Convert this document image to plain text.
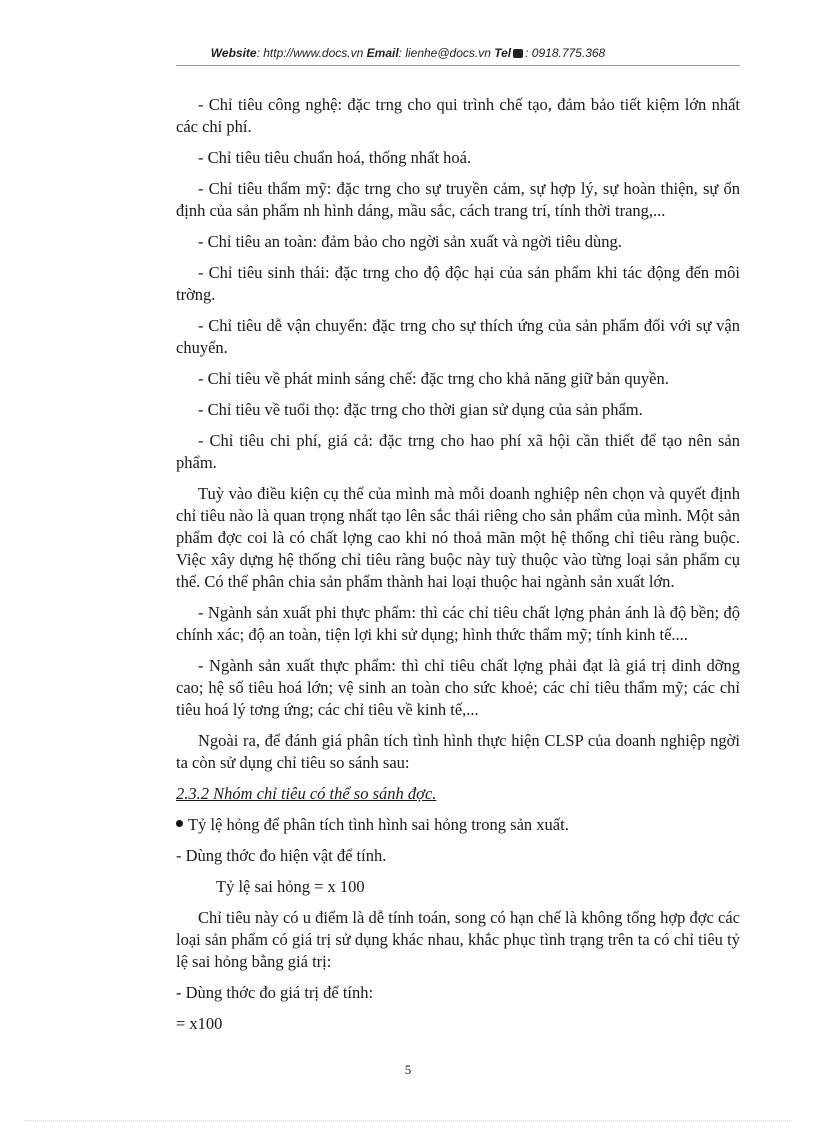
Website: http://www.docs.vn Email: lienhe@docs.vn Tel : 0918.775.368

- Chỉ tiêu công nghệ: đặc trng cho qui trình chế tạo, đảm bảo tiết kiệm lớn nhất các chi phí.

- Chỉ tiêu tiêu chuẩn hoá, thống nhất hoá.

- Chỉ tiêu thẩm mỹ: đặc trng cho sự truyền cảm, sự hợp lý, sự hoàn thiện, sự ổn định của sản phẩm nh hình dáng, mầu sắc, cách trang trí, tính thời trang,...

- Chỉ tiêu an toàn: đảm bảo cho ngời sản xuất và ngời tiêu dùng.

- Chỉ tiêu sinh thái: đặc trng cho độ độc hại của sản phẩm khi tác động đến môi trờng.

- Chỉ tiêu dễ vận chuyển: đặc trng cho sự thích ứng của sản phẩm đối với sự vận chuyển.

- Chỉ tiêu về phát minh sáng chế: đặc trng cho khả năng giữ bản quyền.

- Chỉ tiêu về tuổi thọ: đặc trng cho thời gian sử dụng của sản phẩm.

- Chỉ tiêu chi phí, giá cả: đặc trng cho hao phí xã hội cần thiết để tạo nên sản phẩm.

Tuỳ vào điều kiện cụ thể của mình mà mỗi doanh nghiệp nên chọn và quyết định chỉ tiêu nào là quan trọng nhất tạo lên sắc thái riêng cho sản phẩm của mình. Một sản phẩm đợc coi là có chất lợng cao khi nó thoả mãn một hệ thống chỉ tiêu ràng buộc. Việc xây dựng hệ thống chỉ tiêu ràng buộc này tuỳ thuộc vào từng loại sản phẩm cụ thể. Có thể phân chia sản phẩm thành hai loại thuộc hai ngành sản xuất lớn.

- Ngành sản xuất phi thực phẩm: thì các chỉ tiêu chất lợng phản ánh là độ bền; độ chính xác; độ an toàn, tiện lợi khi sử dụng; hình thức thẩm mỹ; tính kinh tế....

- Ngành sản xuất thực phẩm: thì chỉ tiêu chất lợng phải đạt là giá trị dinh dỡng cao; hệ số tiêu hoá lớn; vệ sinh an toàn cho sức khoẻ; các chỉ tiêu thẩm mỹ; các chỉ tiêu hoá lý tơng ứng; các chỉ tiêu về kinh tế,...

Ngoài ra, để đánh giá phân tích tình hình thực hiện CLSP của doanh nghiệp ngời ta còn sử dụng chỉ tiêu so sánh sau:

2.3.2 Nhóm chỉ tiêu có thể so sánh đợc.

Tỷ lệ hỏng để phân tích tình hình sai hỏng trong sản xuất.

- Dùng thớc đo hiện vật để tính.

Tỷ lệ sai hỏng = x 100

Chỉ tiêu này có u điểm là dễ tính toán, song có hạn chế là không tổng hợp đợc các loại sản phẩm có giá trị sử dụng khác nhau, khắc phục tình trạng trên ta có chỉ tiêu tỷ lệ sai hỏng bằng giá trị:

- Dùng thớc đo giá trị để tính:

= x100

5
